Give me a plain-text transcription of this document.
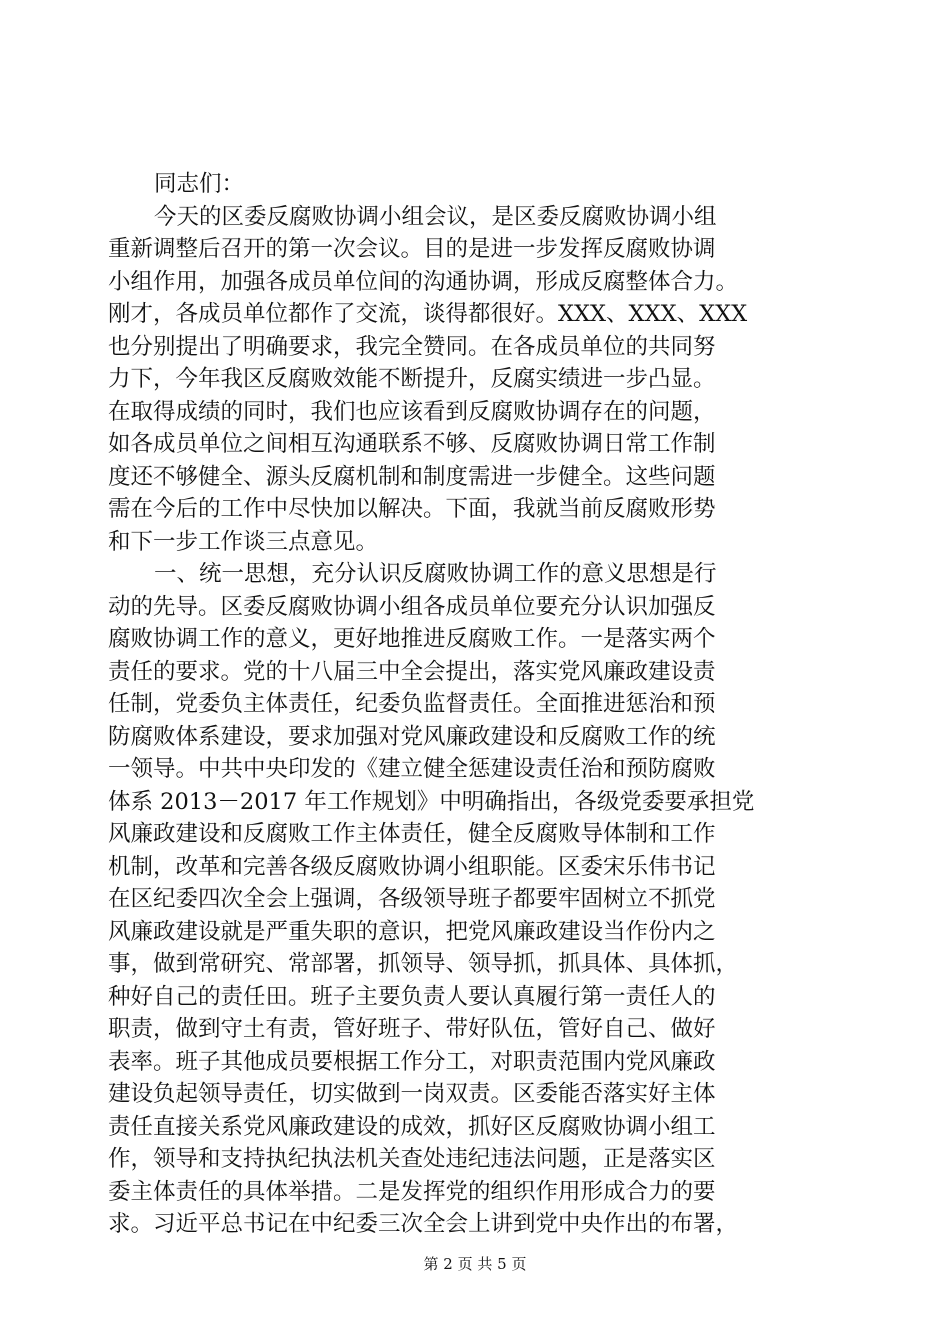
同志们：
今天的区委反腐败协调小组会议，是区委反腐败协调小组
重新调整后召开的第一次会议。目的是进一步发挥反腐败协调
小组作用，加强各成员单位间的沟通协调，形成反腐整体合力。
刚才，各成员单位都作了交流，谈得都很好。XXX、XXX、XXX
也分别提出了明确要求，我完全赞同。在各成员单位的共同努
力下，今年我区反腐败效能不断提升，反腐实绩进一步凸显。
在取得成绩的同时，我们也应该看到反腐败协调存在的问题，
如各成员单位之间相互沟通联系不够、反腐败协调日常工作制
度还不够健全、源头反腐机制和制度需进一步健全。这些问题
需在今后的工作中尽快加以解决。下面，我就当前反腐败形势
和下一步工作谈三点意见。
一、统一思想，充分认识反腐败协调工作的意义思想是行
动的先导。区委反腐败协调小组各成员单位要充分认识加强反
腐败协调工作的意义，更好地推进反腐败工作。一是落实两个
责任的要求。党的十八届三中全会提出，落实党风廉政建设责
任制，党委负主体责任，纪委负监督责任。全面推进惩治和预
防腐败体系建设，要求加强对党风廉政建设和反腐败工作的统
一领导。中共中央印发的《建立健全惩建设责任治和预防腐败
体系 2013－2017 年工作规划》中明确指出，各级党委要承担党
风廉政建设和反腐败工作主体责任，健全反腐败导体制和工作
机制，改革和完善各级反腐败协调小组职能。区委宋乐伟书记
在区纪委四次全会上强调，各级领导班子都要牢固树立不抓党
风廉政建设就是严重失职的意识，把党风廉政建设当作份内之
事，做到常研究、常部署，抓领导、领导抓，抓具体、具体抓，
种好自己的责任田。班子主要负责人要认真履行第一责任人的
职责，做到守土有责，管好班子、带好队伍，管好自己、做好
表率。班子其他成员要根据工作分工，对职责范围内党风廉政
建设负起领导责任，切实做到一岗双责。区委能否落实好主体
责任直接关系党风廉政建设的成效，抓好区反腐败协调小组工
作，领导和支持执纪执法机关查处违纪违法问题，正是落实区
委主体责任的具体举措。二是发挥党的组织作用形成合力的要
求。习近平总书记在中纪委三次全会上讲到党中央作出的布署，
第 2 页 共 5 页
